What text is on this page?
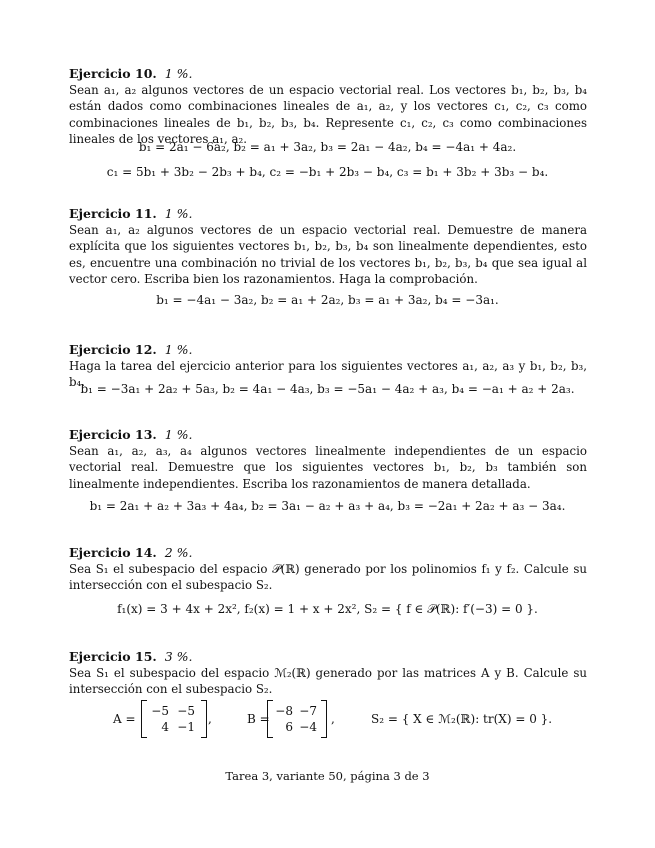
Ejercicio 10. 1 %.
Sean a₁, a₂ algunos vectores de un espacio vectorial real. Los vectores b₁, b₂, b₃, b₄ están dados como combinaciones lineales de a₁, a₂, y los vectores c₁, c₂, c₃ como combinaciones lineales de b₁, b₂, b₃, b₄. Represente c₁, c₂, c₃ como combinaciones lineales de los vectores a₁, a₂.
b₁ = 2a₁ − 6a₂, b₂ = a₁ + 3a₂, b₃ = 2a₁ − 4a₂, b₄ = −4a₁ + 4a₂.
c₁ = 5b₁ + 3b₂ − 2b₃ + b₄, c₂ = −b₁ + 2b₃ − b₄, c₃ = b₁ + 3b₂ + 3b₃ − b₄.
Ejercicio 11. 1 %.
Sean a₁, a₂ algunos vectores de un espacio vectorial real. Demuestre de manera explícita que los siguientes vectores b₁, b₂, b₃, b₄ son linealmente dependientes, esto es, encuentre una combinación no trivial de los vectores b₁, b₂, b₃, b₄ que sea igual al vector cero. Escriba bien los razonamientos. Haga la comprobación.
b₁ = −4a₁ − 3a₂, b₂ = a₁ + 2a₂, b₃ = a₁ + 3a₂, b₄ = −3a₁.
Ejercicio 12. 1 %.
Haga la tarea del ejercicio anterior para los siguientes vectores a₁, a₂, a₃ y b₁, b₂, b₃, b₄.
b₁ = −3a₁ + 2a₂ + 5a₃, b₂ = 4a₁ − 4a₃, b₃ = −5a₁ − 4a₂ + a₃, b₄ = −a₁ + a₂ + 2a₃.
Ejercicio 13. 1 %.
Sean a₁, a₂, a₃, a₄ algunos vectores linealmente independientes de un espacio vectorial real. Demuestre que los siguientes vectores b₁, b₂, b₃ también son linealmente independientes. Escriba los razonamientos de manera detallada.
b₁ = 2a₁ + a₂ + 3a₃ + 4a₄, b₂ = 3a₁ − a₂ + a₃ + a₄, b₃ = −2a₁ + 2a₂ + a₃ − 3a₄.
Ejercicio 14. 2 %.
Sea S₁ el subespacio del espacio 𝒫(ℝ) generado por los polinomios f₁ y f₂. Calcule su intersección con el subespacio S₂.
f₁(x) = 3 + 4x + 2x², f₂(x) = 1 + x + 2x², S₂ = { f ∈ 𝒫(ℝ): f′(−3) = 0 }.
Ejercicio 15. 3 %.
Sea S₁ el subespacio del espacio ℳ₂(ℝ) generado por las matrices A y B. Calcule su intersección con el subespacio S₂.
A =
−5 −5
4 −1
,	B =
−8 −7
6 −4
,	S₂ = { X ∈ ℳ₂(ℝ): tr(X) = 0 }.
Tarea 3, variante 50, página 3 de 3
